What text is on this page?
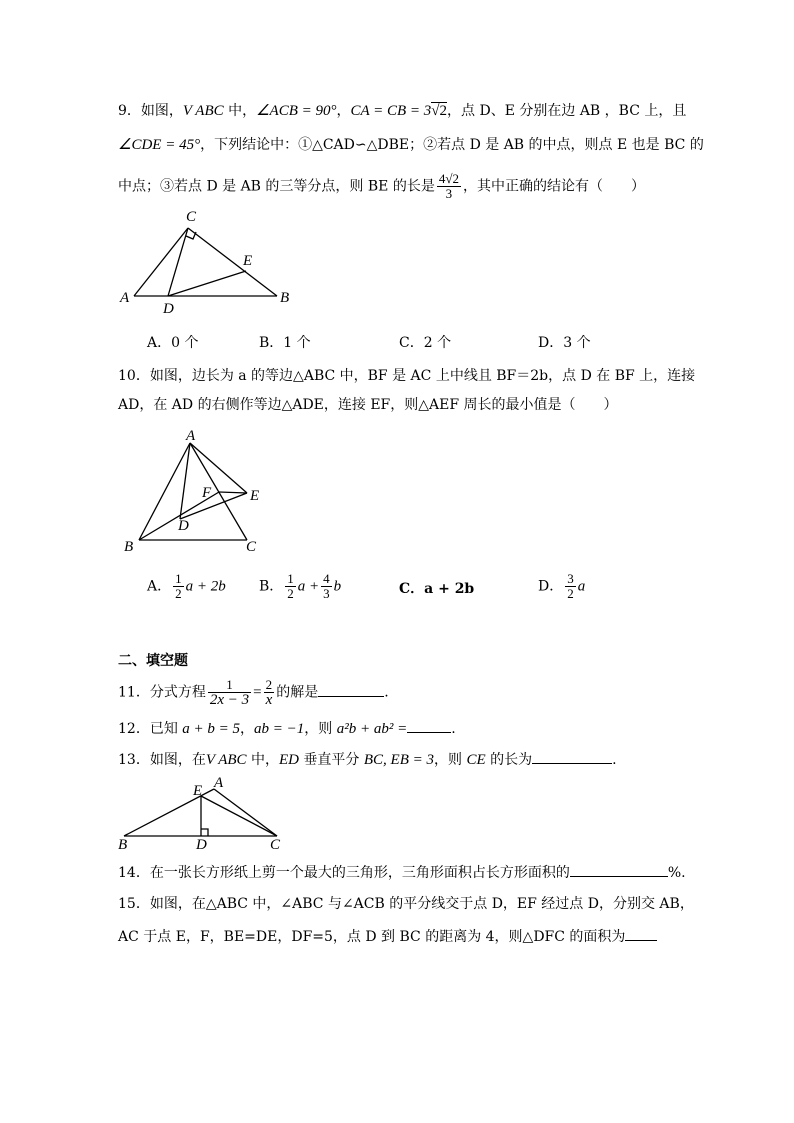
9．如图，V ABC 中，∠ACB = 90°，CA = CB = 3√2，点 D、E 分别在边 AB ，BC 上，且
∠CDE = 45°，下列结论中：①△CAD∽△DBE；②若点 D 是 AB 的中点，则点 E 也是 BC 的
中点；③若点 D 是 AB 的三等分点，则 BE 的长是 $\frac{4√2}{3}$ ，其中正确的结论有（　　）
C
E
A
D
B
A．0 个	B．1 个	C．2 个	D．3 个
10．如图，边长为 a 的等边△ABC 中，BF 是 AC 上中线且 BF＝2b，点 D 在 BF 上，连接
AD，在 AD 的右侧作等边△ADE，连接 EF，则△AEF 周长的最小值是（　　）
A
F	E
D
B	C
A． $\frac{1}{2}$ a + 2b B． $\frac{1}{2}$ $a + \frac{4}{3}$ b	C．a + 2b	D． $\frac{3}{2}$ a
二、填空题
11．分式方程 $\frac{1}{2x - 3} = \frac{2}{x}$ 的解是	.
12．已知 a + b = 5，ab = −1，则 a²b + ab² =	.
13．如图，在V ABC 中，ED 垂直平分 BC, EB = 3，则 CE 的长为	.
E A
B	D	C
14．在一张长方形纸上剪一个最大的三角形，三角形面积占长方形面积的	%.
15．如图，在△ABC 中，∠ABC 与∠ACB 的平分线交于点 D，EF 经过点 D，分别交 AB，
AC 于点 E，F，BE=DE，DF=5，点 D 到 BC 的距离为 4，则△DFC 的面积为
